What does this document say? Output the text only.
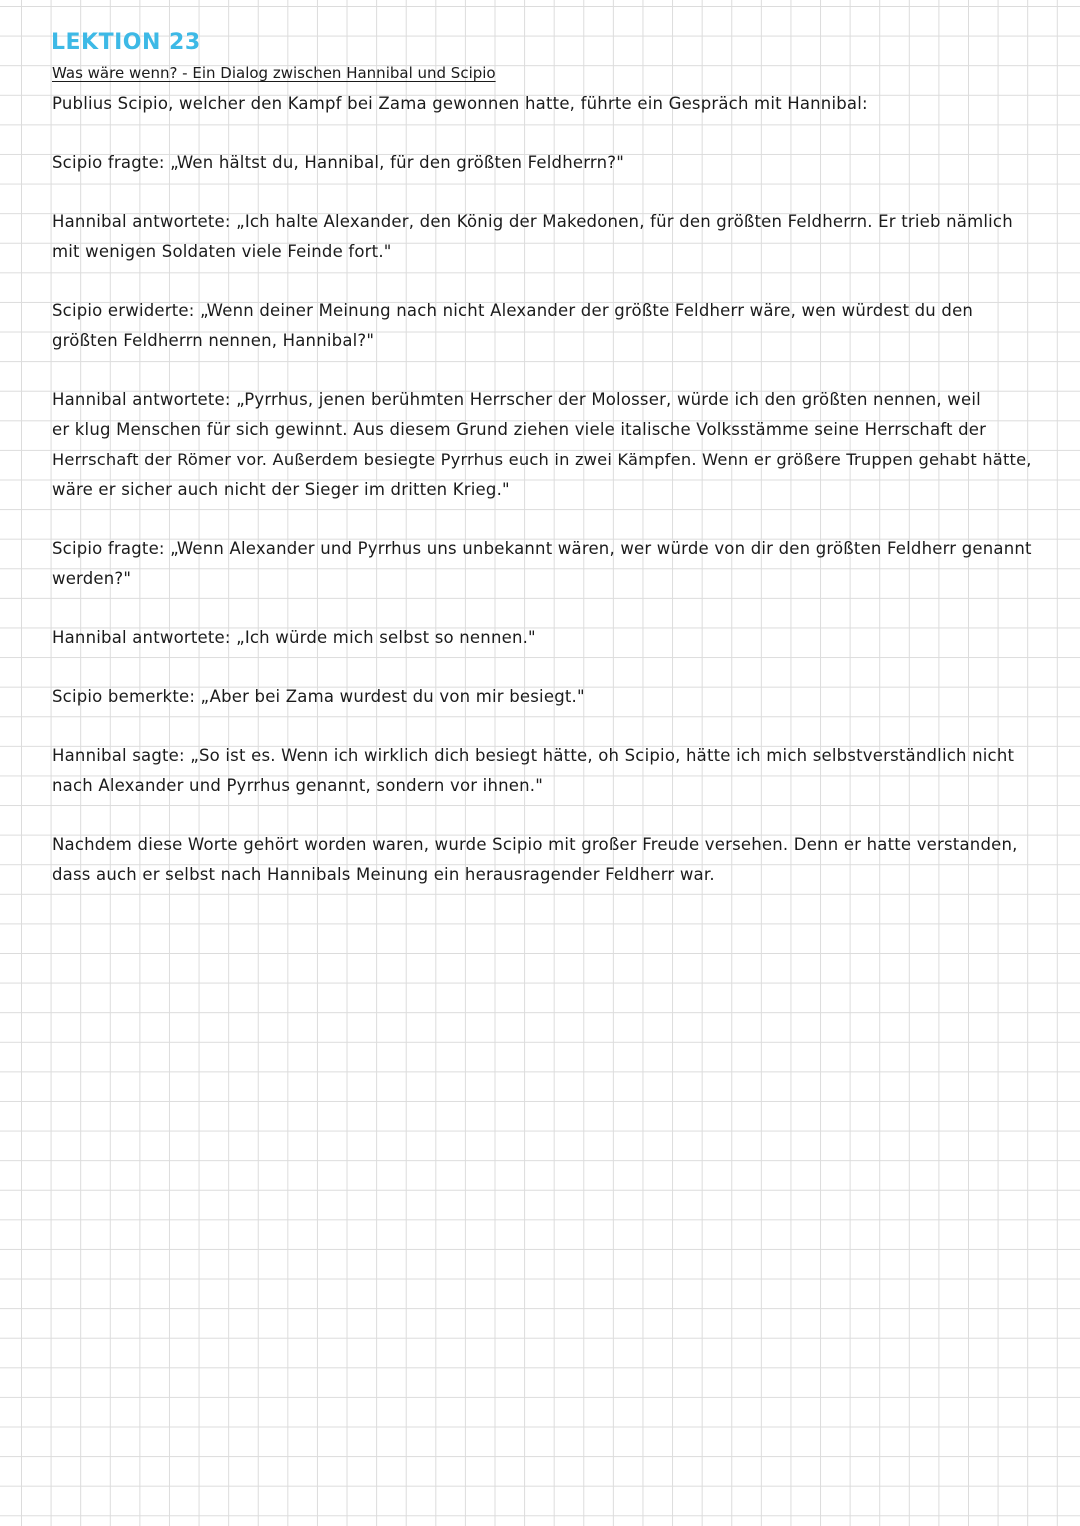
LEKTION 23
Was wäre wenn? - Ein Dialog zwischen Hannibal und Scipio
Publius Scipio, welcher den Kampf bei Zama gewonnen hatte, führte ein Gespräch mit Hannibal:
Scipio fragte: „Wen hältst du, Hannibal, für den größten Feldherrn?"
Hannibal antwortete: „Ich halte Alexander, den König der Makedonen, für den größten Feldherrn. Er trieb nämlich
mit wenigen Soldaten viele Feinde fort."
Scipio erwiderte: „Wenn deiner Meinung nach nicht Alexander der größte Feldherr wäre, wen würdest du den
größten Feldherrn nennen, Hannibal?"
Hannibal antwortete: „Pyrrhus, jenen berühmten Herrscher der Molosser, würde ich den größten nennen, weil
er klug Menschen für sich gewinnt. Aus diesem Grund ziehen viele italische Volksstämme seine Herrschaft der
Herrschaft der Römer vor. Außerdem besiegte Pyrrhus euch in zwei Kämpfen. Wenn er größere Truppen gehabt hätte,
wäre er sicher auch nicht der Sieger im dritten Krieg."
Scipio fragte: „Wenn Alexander und Pyrrhus uns unbekannt wären, wer würde von dir den größten Feldherr genannt
werden?"
Hannibal antwortete: „Ich würde mich selbst so nennen."
Scipio bemerkte: „Aber bei Zama wurdest du von mir besiegt."
Hannibal sagte: „So ist es. Wenn ich wirklich dich besiegt hätte, oh Scipio, hätte ich mich selbstverständlich nicht
nach Alexander und Pyrrhus genannt, sondern vor ihnen."
Nachdem diese Worte gehört worden waren, wurde Scipio mit großer Freude versehen. Denn er hatte verstanden,
dass auch er selbst nach Hannibals Meinung ein herausragender Feldherr war.
